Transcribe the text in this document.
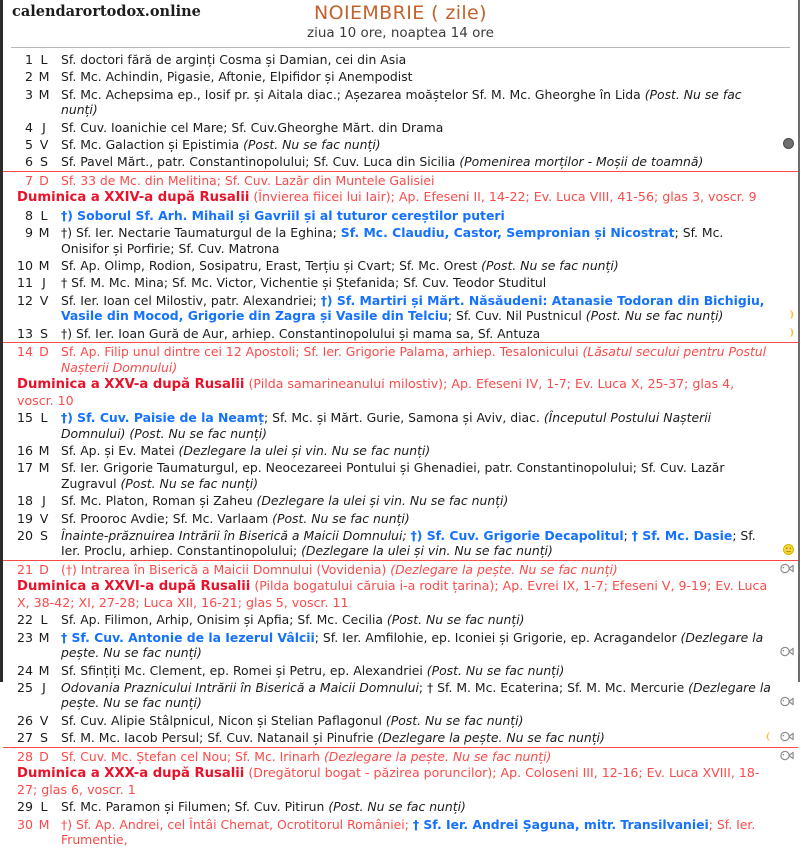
calendarortodox.online	NOIEMBRIE ( zile)
ziua 10 ore, noaptea 14 ore
1 L	Sf. doctori fără de arginți Cosma și Damian, cei din Asia
2 M Sf. Mc. Achindin, Pigasie, Aftonie, Elpifidor și Anempodist
3 M Sf. Mc. Achepsima ep., Iosif pr. și Aitala diac.; Așezarea moăștelor Sf. M. Mc. Gheorghe în Lida (Post. Nu se fac nunți)
4 J	Sf. Cuv. Ioanichie cel Mare; Sf. Cuv.Gheorghe Mărt. din Drama
5 V	Sf. Mc. Galaction și Epistimia (Post. Nu se fac nunți)
6 S	Sf. Pavel Mărt., patr. Constantinopolului; Sf. Cuv. Luca din Sicilia (Pomenirea morților - Moșii de toamnă)
7 D Sf. 33 de Mc. din Melitina; Sf. Cuv. Lazăr din Muntele Galisiei
Duminica a XXIV-a după Rusalii (Învierea fiicei lui Iair); Ap. Efeseni II, 14-22; Ev. Luca VIII, 41-56; glas 3, voscr. 9
8 L	†) Soborul Sf. Arh. Mihail și Gavriil și al tuturor cereștilor puteri
9 M †) Sf. Ier. Nectarie Taumaturgul de la Eghina; Sf. Mc. Claudiu, Castor, Sempronian și Nicostrat; Sf. Mc. Onisifor și Porfirie; Sf. Cuv. Matrona
10 M Sf. Ap. Olimp, Rodion, Sosipatru, Erast, Terțiu și Cvart; Sf. Mc. Orest (Post. Nu se fac nunți)
11 J	† Sf. M. Mc. Mina; Sf. Mc. Victor, Vichentie și Ștefanida; Sf. Cuv. Teodor Studitul
12 V	Sf. Ier. Ioan cel Milostiv, patr. Alexandriei; †) Sf. Martiri și Mărt. Năsăudeni: Atanasie Todoran din Bichigiu, Vasile din Mocod, Grigorie din Zagra și Vasile din Telciu; Sf. Cuv. Nil Pustnicul (Post. Nu se fac nunți)
13 S	†) Sf. Ier. Ioan Gură de Aur, arhiep. Constantinopolului și mama sa, Sf. Antuza
14 D Sf. Ap. Filip unul dintre cei 12 Apostoli; Sf. Ier. Grigorie Palama, arhiep. Tesalonicului (Lăsatul secului pentru Postul Nașterii Domnului)
Duminica a XXV-a după Rusalii (Pilda samarineanului milostiv); Ap. Efeseni IV, 1-7; Ev. Luca X, 25-37; glas 4, voscr. 10
15 L	†) Sf. Cuv. Paisie de la Neamț; Sf. Mc. și Mărt. Gurie, Samona și Aviv, diac. (Începutul Postului Nașterii Domnului) (Post. Nu se fac nunți)
16 M Sf. Ap. și Ev. Matei (Dezlegare la ulei și vin. Nu se fac nunți)
17 M Sf. Ier. Grigorie Taumaturgul, ep. Neocezareei Pontului și Ghenadiei, patr. Constantinopolului; Sf. Cuv. Lazăr Zugravul (Post. Nu se fac nunți)
18 J	Sf. Mc. Platon, Roman și Zaheu (Dezlegare la ulei și vin. Nu se fac nunți)
19 V	Sf. Prooroc Avdie; Sf. Mc. Varlaam (Post. Nu se fac nunți)
20 S	Înainte-prăznuirea Intrării în Biserică a Maicii Domnului; †) Sf. Cuv. Grigorie Decapolitul; † Sf. Mc. Dasie; Sf. Ier. Proclu, arhiep. Constantinopolului; (Dezlegare la ulei și vin. Nu se fac nunți)
21 D (†) Intrarea în Biserică a Maicii Domnului (Vovidenia) (Dezlegare la pește. Nu se fac nunți)
Duminica a XXVI-a după Rusalii (Pilda bogatului căruia i-a rodit țarina); Ap. Evrei IX, 1-7; Efeseni V, 9-19; Ev. Luca X, 38-42; XI, 27-28; Luca XII, 16-21; glas 5, voscr. 11
22 L	Sf. Ap. Filimon, Arhip, Onisim și Apfia; Sf. Mc. Cecilia (Post. Nu se fac nunți)
23 M † Sf. Cuv. Antonie de la Iezerul Vâlcii; Sf. Ier. Amfilohie, ep. Iconiei și Grigorie, ep. Acragandelor (Dezlegare la pește. Nu se fac nunți)
24 M Sf. Sfințiți Mc. Clement, ep. Romei și Petru, ep. Alexandriei (Post. Nu se fac nunți)
25 J	Odovania Praznicului Intrării în Biserică a Maicii Domnului; † Sf. M. Mc. Ecaterina; Sf. M. Mc. Mercurie (Dezlegare la pește. Nu se fac nunți)
26 V	Sf. Cuv. Alipie Stâlpnicul, Nicon și Stelian Paflagonul (Post. Nu se fac nunți)
27 S	Sf. M. Mc. Iacob Persul; Sf. Cuv. Natanail și Pinufrie (Dezlegare la pește. Nu se fac nunți)
28 D Sf. Cuv. Mc. Ștefan cel Nou; Sf. Mc. Irinarh (Dezlegare la pește. Nu se fac nunți)
Duminica a XXX-a după Rusalii (Dregătorul bogat - păzirea poruncilor); Ap. Coloseni III, 12-16; Ev. Luca XVIII, 18-27; glas 6, voscr. 1
29 L	Sf. Mc. Paramon și Filumen; Sf. Cuv. Pitirun (Post. Nu se fac nunți)
30 M †) Sf. Ap. Andrei, cel Întâi Chemat, Ocrotitorul României; † Sf. Ier. Andrei Șaguna, mitr. Transilvaniei; Sf. Ier. Frumentie,
